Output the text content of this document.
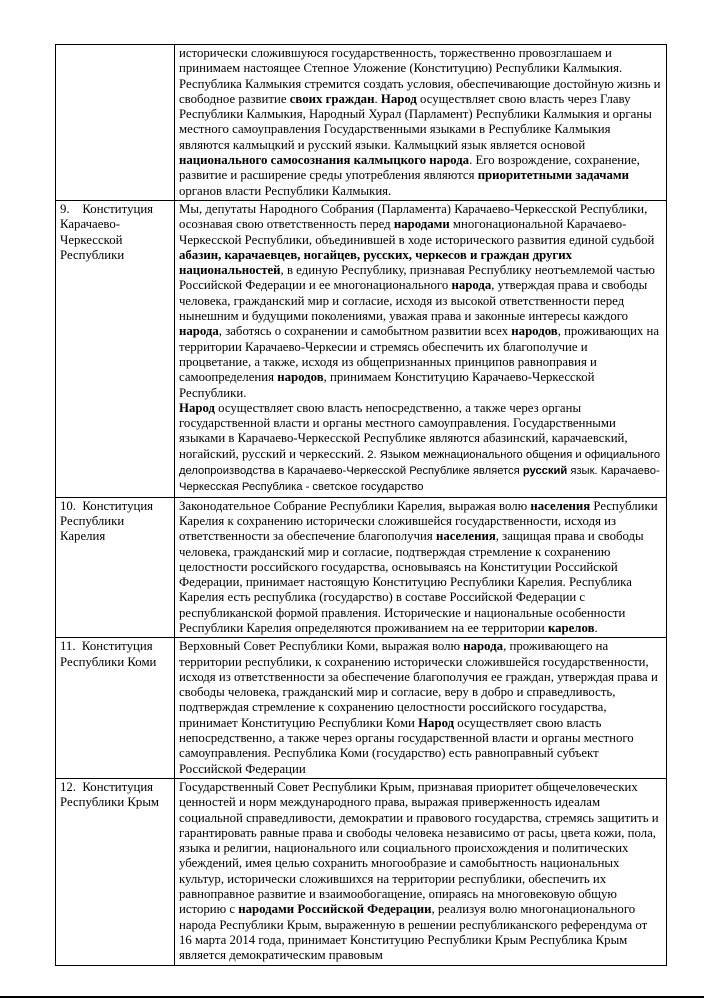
	исторически сложившуюся государственность, торжественно провозглашаем и принимаем настоящее Степное Уложение (Конституцию) Республики Калмыкия. Республика Калмыкия стремится создать условия, обеспечивающие достойную жизнь и свободное развитие своих граждан. Народ осуществляет свою власть через Главу Республики Калмыкия, Народный Хурал (Парламент) Республики Калмыкия и органы местного самоуправления Государственными языками в Республике Калмыкия являются калмыцкий и русский языки. Калмыцкий язык является основой национального самосознания калмыцкого народа. Его возрождение, сохранение, развитие и расширение среды употребления являются приоритетными задачами органов власти Республики Калмыкия.
9.    Конституция Карачаево-Черкесской Республики	Мы, депутаты Народного Собрания (Парламента) Карачаево-Черкесской Республики, осознавая свою ответственность перед народами многонациональной Карачаево-Черкесской Республики, объединившей в ходе исторического развития единой судьбой абазин, карачаевцев, ногайцев, русских, черкесов и граждан других национальностей, в единую Республику, признавая Республику неотъемлемой частью Российской Федерации и ее многонационального народа, утверждая права и свободы человека, гражданский мир и согласие, исходя из высокой ответственности перед нынешним и будущими поколениями, уважая права и законные интересы каждого народа, заботясь о сохранении и самобытном развитии всех народов, проживающих на территории Карачаево-Черкесии и стремясь обеспечить их благополучие и процветание, а также, исходя из общепризнанных принципов равноправия и самоопределения народов, принимаем Конституцию Карачаево-Черкесской Республики.
Народ осуществляет свою власть непосредственно, а также через органы государственной власти и органы местного самоуправления. Государственными языками в Карачаево-Черкесской Республике являются абазинский, карачаевский, ногайский, русский и черкесский. 2. Языком межнационального общения и официального делопроизводства в Карачаево-Черкесской Республике является русский язык. Карачаево-Черкесская Республика - светское государство
10.  Конституция Республики Карелия	Законодательное Собрание Республики Карелия, выражая волю населения Республики Карелия к сохранению исторически сложившейся государственности, исходя из ответственности за обеспечение благополучия населения, защищая права и свободы человека, гражданский мир и согласие, подтверждая стремление к сохранению целостности российского государства, основываясь на Конституции Российской Федерации, принимает настоящую Конституцию Республики Карелия. Республика Карелия есть республика (государство) в составе Российской Федерации с республиканской формой правления. Исторические и национальные особенности Республики Карелия определяются проживанием на ее территории карелов.
11.  Конституция Республики Коми	Верховный Совет Республики Коми, выражая волю народа, проживающего на территории республики, к сохранению исторически сложившейся государственности, исходя из ответственности за обеспечение благополучия ее граждан, утверждая права и свободы человека, гражданский мир и согласие, веру в добро и справедливость, подтверждая стремление к сохранению целостности российского государства, принимает Конституцию Республики Коми Народ осуществляет свою власть непосредственно, а также через органы государственной власти и органы местного самоуправления. Республика Коми (государство) есть равноправный субъект Российской Федерации
12.  Конституция Республики Крым	Государственный Совет Республики Крым, признавая приоритет общечеловеческих ценностей и норм международного права, выражая приверженность идеалам социальной справедливости, демократии и правового государства, стремясь защитить и гарантировать равные права и свободы человека независимо от расы, цвета кожи, пола, языка и религии, национального или социального происхождения и политических убеждений, имея целью сохранить многообразие и самобытность национальных культур, исторически сложившихся на территории республики, обеспечить их равноправное развитие и взаимообогащение, опираясь на многовековую общую историю с народами Российской Федерации, реализуя волю многонационального народа Республики Крым, выраженную в решении республиканского референдума от 16 марта 2014 года, принимает Конституцию Республики Крым Республика Крым является демократическим правовым
